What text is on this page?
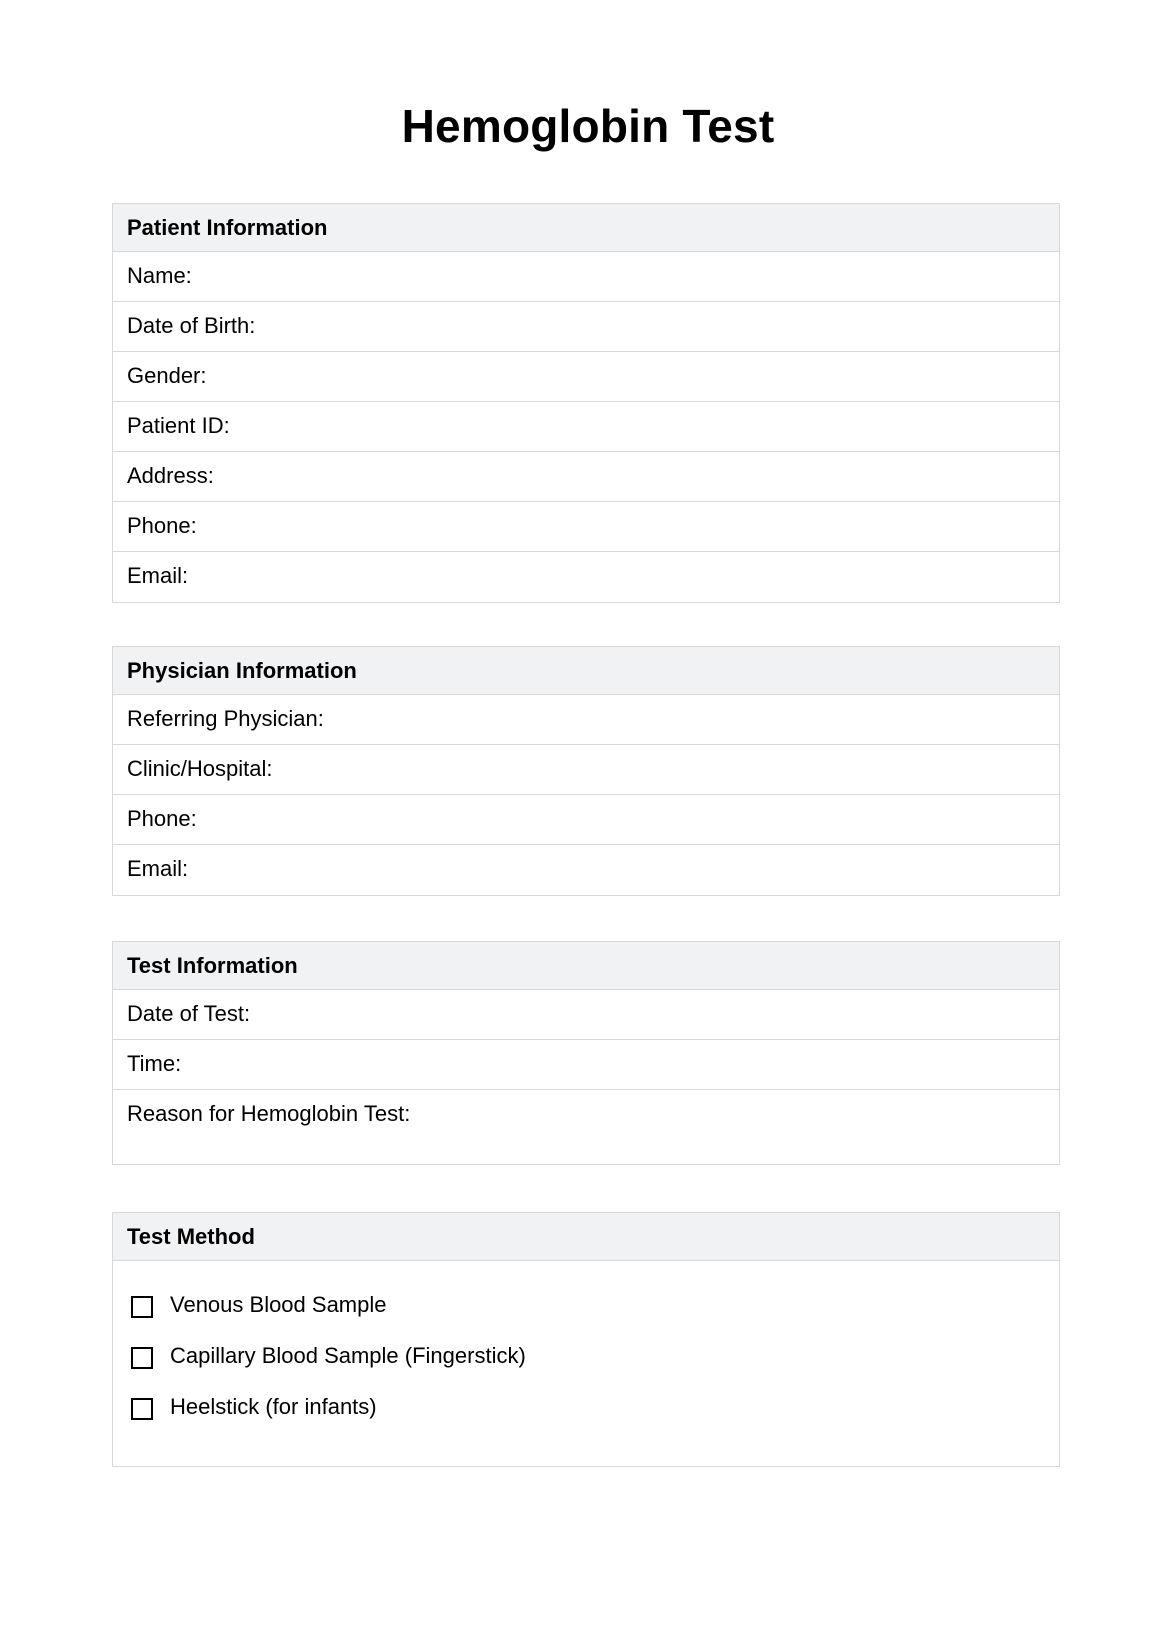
Hemoglobin Test
Patient Information
Name:
Date of Birth:
Gender:
Patient ID:
Address:
Phone:
Email:
Physician Information
Referring Physician:
Clinic/Hospital:
Phone:
Email:
Test Information
Date of Test:
Time:
Reason for Hemoglobin Test:
Test Method
Venous Blood Sample
Capillary Blood Sample (Fingerstick)
Heelstick (for infants)
